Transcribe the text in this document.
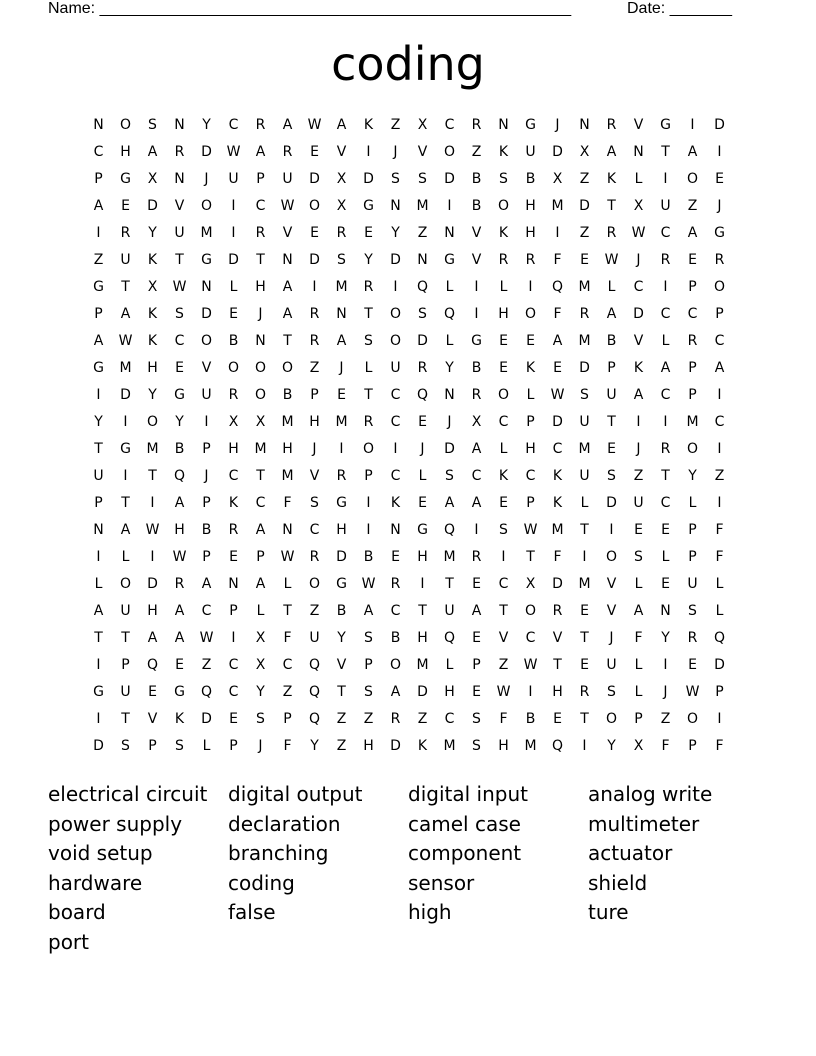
Name: _____________________________________________________	Date: _______
coding
N	O	S	N	Y	C	R	A	W	A	K	Z	X	C	R	N	G	J	N	R	V	G	I	D
C	H	A	R	D	W	A	R	E	V	I	J	V	O	Z	K	U	D	X	A	N	T	A	I
P	G	X	N	J	U	P	U	D	X	D	S	S	D	B	S	B	X	Z	K	L	I	O	E
A	E	D	V	O	I	C	W	O	X	G	N	M	I	B	O	H	M	D	T	X	U	Z	J
I	R	Y	U	M	I	R	V	E	R	E	Y	Z	N	V	K	H	I	Z	R	W	C	A	G
Z	U	K	T	G	D	T	N	D	S	Y	D	N	G	V	R	R	F	E	W	J	R	E	R
G	T	X	W	N	L	H	A	I	M	R	I	Q	L	I	L	I	Q	M	L	C	I	P	O
P	A	K	S	D	E	J	A	R	N	T	O	S	Q	I	H	O	F	R	A	D	C	C	P
A	W	K	C	O	B	N	T	R	A	S	O	D	L	G	E	E	A	M	B	V	L	R	C
G	M	H	E	V	O	O	O	Z	J	L	U	R	Y	B	E	K	E	D	P	K	A	P	A
I	D	Y	G	U	R	O	B	P	E	T	C	Q	N	R	O	L	W	S	U	A	C	P	I
Y	I	O	Y	I	X	X	M	H	M	R	C	E	J	X	C	P	D	U	T	I	I	M	C
T	G	M	B	P	H	M	H	J	I	O	I	J	D	A	L	H	C	M	E	J	R	O	I
U	I	T	Q	J	C	T	M	V	R	P	C	L	S	C	K	C	K	U	S	Z	T	Y	Z
P	T	I	A	P	K	C	F	S	G	I	K	E	A	A	E	P	K	L	D	U	C	L	I
N	A	W	H	B	R	A	N	C	H	I	N	G	Q	I	S	W	M	T	I	E	E	P	F
I	L	I	W	P	E	P	W	R	D	B	E	H	M	R	I	T	F	I	O	S	L	P	F
L	O	D	R	A	N	A	L	O	G	W	R	I	T	E	C	X	D	M	V	L	E	U	L
A	U	H	A	C	P	L	T	Z	B	A	C	T	U	A	T	O	R	E	V	A	N	S	L
T	T	A	A	W	I	X	F	U	Y	S	B	H	Q	E	V	C	V	T	J	F	Y	R	Q
I	P	Q	E	Z	C	X	C	Q	V	P	O	M	L	P	Z	W	T	E	U	L	I	E	D
G	U	E	G	Q	C	Y	Z	Q	T	S	A	D	H	E	W	I	H	R	S	L	J	W	P
I	T	V	K	D	E	S	P	Q	Z	Z	R	Z	C	S	F	B	E	T	O	P	Z	O	I
D	S	P	S	L	P	J	F	Y	Z	H	D	K	M	S	H	M	Q	I	Y	X	F	P	F
electrical circuit	digital output	digital input	analog write
power supply	declaration	camel case	multimeter
void setup	branching	component	actuator
hardware	coding	sensor	shield
board	false	high	ture
port
